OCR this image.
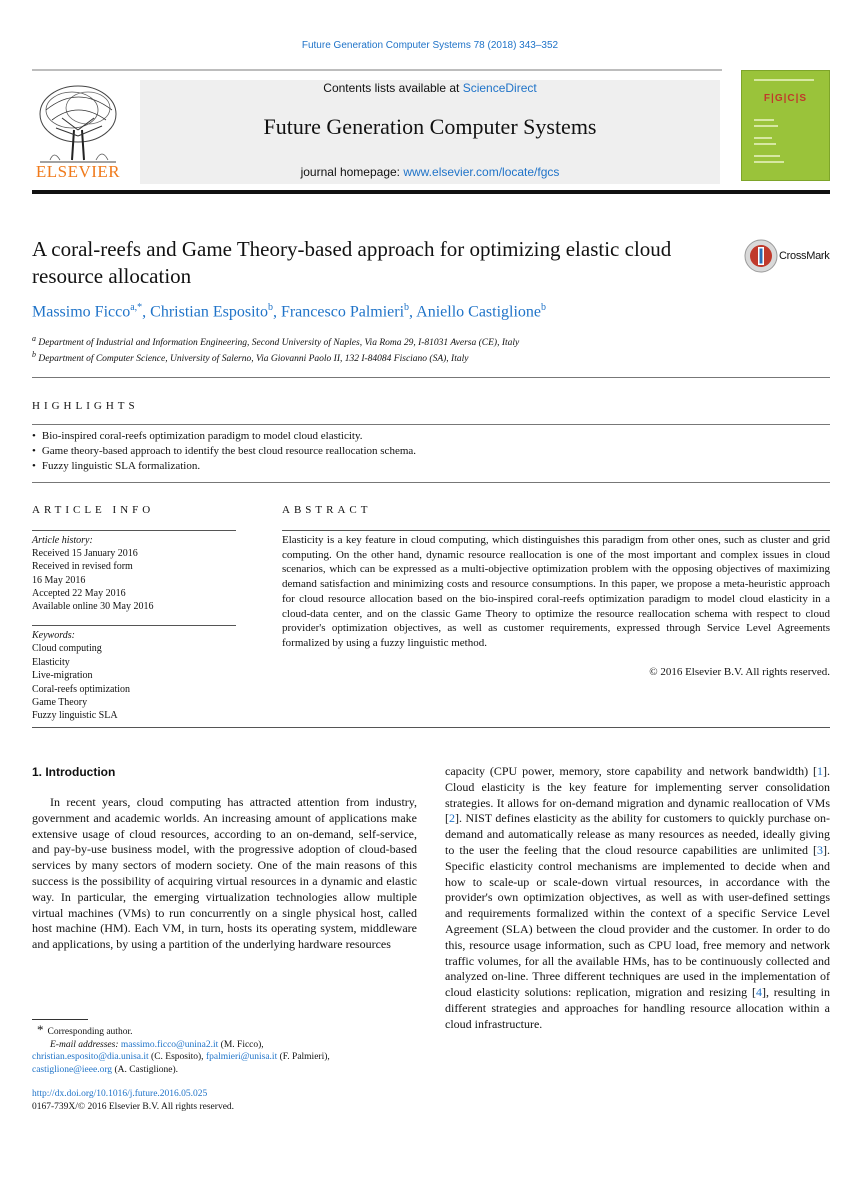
Future Generation Computer Systems 78 (2018) 343–352
ELSEVIER
Contents lists available at ScienceDirect
Future Generation Computer Systems
journal homepage: www.elsevier.com/locate/fgcs
F|G|C|S
A coral-reefs and Game Theory-based approach for optimizing elastic cloud resource allocation
CrossMark
Massimo Ficco$^{a,*}$, Christian Esposito$^b$, Francesco Palmieri$^b$, Aniello Castiglione$^b$
$^a$ Department of Industrial and Information Engineering, Second University of Naples, Via Roma 29, I-81031 Aversa (CE), Italy
$^b$ Department of Computer Science, University of Salerno, Via Giovanni Paolo II, 132 I-84084 Fisciano (SA), Italy
HIGHLIGHTS
• Bio-inspired coral-reefs optimization paradigm to model cloud elasticity.
• Game theory-based approach to identify the best cloud resource reallocation schema.
• Fuzzy linguistic SLA formalization.
ARTICLE INFO	ABSTRACT
Article history:
Received 15 January 2016
Received in revised form
16 May 2016
Accepted 22 May 2016
Available online 30 May 2016
Keywords:
Cloud computing
Elasticity
Live-migration
Coral-reefs optimization
Game Theory
Fuzzy linguistic SLA
Elasticity is a key feature in cloud computing, which distinguishes this paradigm from other ones, such as cluster and grid computing. On the other hand, dynamic resource reallocation is one of the most important and complex issues in cloud scenarios, which can be expressed as a multi-objective optimization problem with the opposing objectives of maximizing demand satisfaction and minimizing costs and resource consumptions. In this paper, we propose a meta-heuristic approach for cloud resource allocation based on the bio-inspired coral-reefs optimization paradigm to model cloud elasticity in a cloud-data center, and on the classic Game Theory to optimize the resource reallocation schema with respect to cloud provider's optimization objectives, as well as customer requirements, expressed through Service Level Agreements formalized by using a fuzzy linguistic method.
© 2016 Elsevier B.V. All rights reserved.
1. Introduction
In recent years, cloud computing has attracted attention from industry, government and academic worlds. An increasing amount of applications make extensive usage of cloud resources, according to an on-demand, self-service, and pay-by-use business model, with the progressive adoption of cloud-based services by many sectors of modern society. One of the main reasons of this success is the possibility of acquiring virtual resources in a dynamic and elastic way. In particular, the emerging virtualization technologies allow multiple virtual machines (VMs) to run concurrently on a single physical host, called host machine (HM). Each VM, in turn, hosts its operating system, middleware and applications, by using a partition of the underlying hardware resources
capacity (CPU power, memory, store capability and network bandwidth) [1]. Cloud elasticity is the key feature for implementing server consolidation strategies. It allows for on-demand migration and dynamic reallocation of VMs [2]. NIST defines elasticity as the ability for customers to quickly purchase on-demand and automatically release as many resources as needed, ideally giving to the user the feeling that the cloud resource capabilities are unlimited [3]. Specific elasticity control mechanisms are implemented to decide when and how to scale-up or scale-down virtual resources, in accordance with the provider's own optimization objectives, as well as with user-defined settings and requirements formalized within the context of a specific Service Level Agreement (SLA) between the cloud provider and the customer. In order to do this, resource usage information, such as CPU load, free memory and network traffic volumes, for all the available HMs, has to be continuously collected and analyzed on-line. Three different techniques are used in the implementation of cloud elasticity solutions: replication, migration and resizing [4], resulting in different strategies and approaches for handling resource allocation within a cloud infrastructure.
* Corresponding author.
E-mail addresses: massimo.ficco@unina2.it (M. Ficco),
christian.esposito@dia.unisa.it (C. Esposito), fpalmieri@unisa.it (F. Palmieri),
castiglione@ieee.org (A. Castiglione).
http://dx.doi.org/10.1016/j.future.2016.05.025
0167-739X/© 2016 Elsevier B.V. All rights reserved.
